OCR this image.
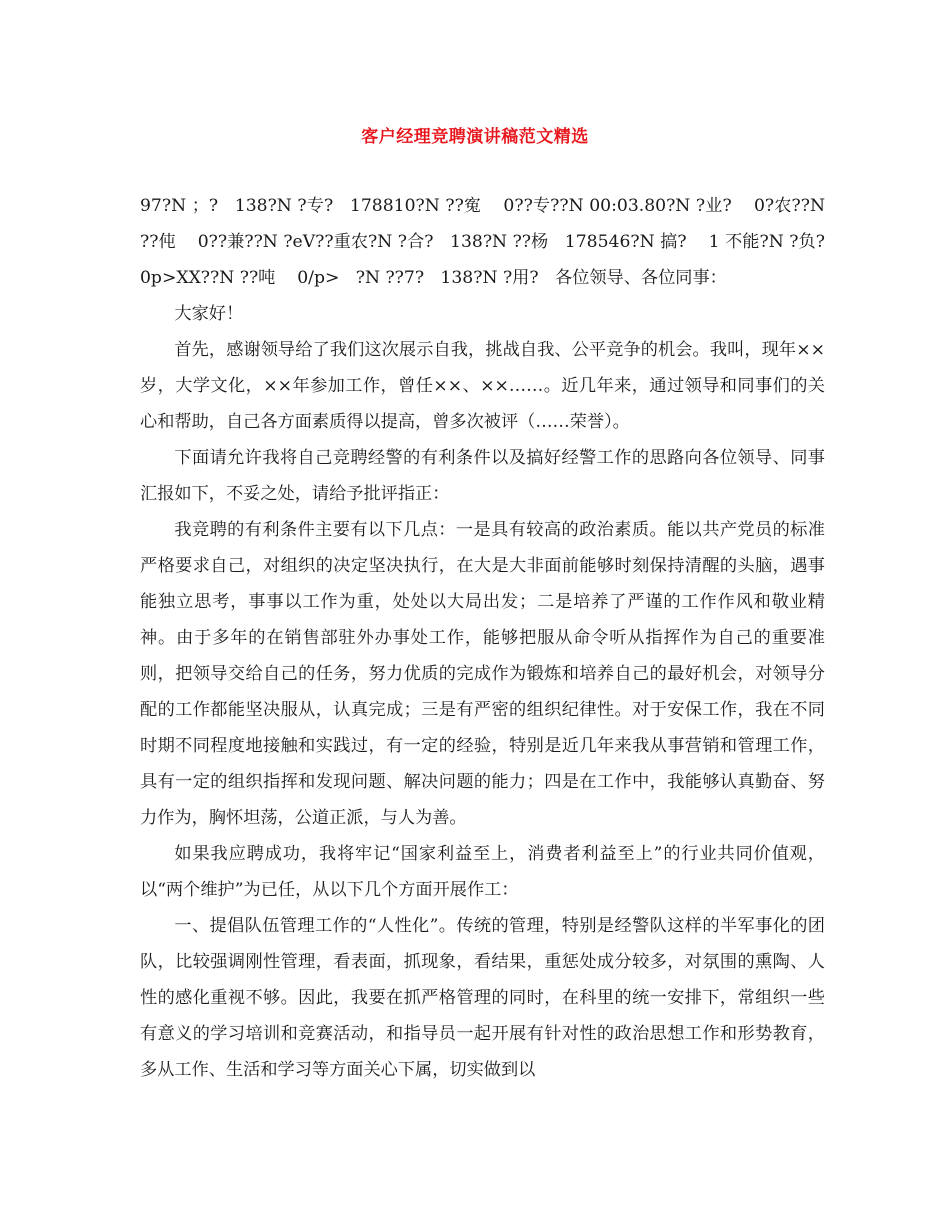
客户经理竞聘演讲稿范文精选

97?N ；?   138?N ?专?   178810?N ??寃    0??专??N 00:03.80?N ?业?    0?农??N ??伅    0??兼??N ?eV??重农?N ?合?   138?N ??杨   178546?N 搞?    1 不能?N ?负?    0p>XX??N ??吨    0/p>   ?N ??7?   138?N ?用?   各位领导、各位同事：

大家好！

首先，感谢领导给了我们这次展示自我，挑战自我、公平竞争的机会。我叫，现年××岁，大学文化，××年参加工作，曾任××、××……。近几年来，通过领导和同事们的关心和帮助，自己各方面素质得以提高，曾多次被评（……荣誉）。

下面请允许我将自己竞聘经警的有利条件以及搞好经警工作的思路向各位领导、同事汇报如下，不妥之处，请给予批评指正：

我竞聘的有利条件主要有以下几点：一是具有较高的政治素质。能以共产党员的标准严格要求自己，对组织的决定坚决执行，在大是大非面前能够时刻保持清醒的头脑，遇事能独立思考，事事以工作为重，处处以大局出发；二是培养了严谨的工作作风和敬业精神。由于多年的在销售部驻外办事处工作，能够把服从命令听从指挥作为自己的重要准则，把领导交给自己的任务，努力优质的完成作为锻炼和培养自己的最好机会，对领导分配的工作都能坚决服从，认真完成；三是有严密的组织纪律性。对于安保工作，我在不同时期不同程度地接触和实践过，有一定的经验，特别是近几年来我从事营销和管理工作，具有一定的组织指挥和发现问题、解决问题的能力；四是在工作中，我能够认真勤奋、努力作为，胸怀坦荡，公道正派，与人为善。

如果我应聘成功，我将牢记“国家利益至上，消费者利益至上”的行业共同价值观，以“两个维护”为已任，从以下几个方面开展作工：

一、提倡队伍管理工作的“人性化”。传统的管理，特别是经警队这样的半军事化的团队，比较强调刚性管理，看表面，抓现象，看结果，重惩处成分较多，对氛围的熏陶、人性的感化重视不够。因此，我要在抓严格管理的同时，在科里的统一安排下，常组织一些有意义的学习培训和竞赛活动，和指导员一起开展有针对性的政治思想工作和形势教育，多从工作、生活和学习等方面关心下属，切实做到以
